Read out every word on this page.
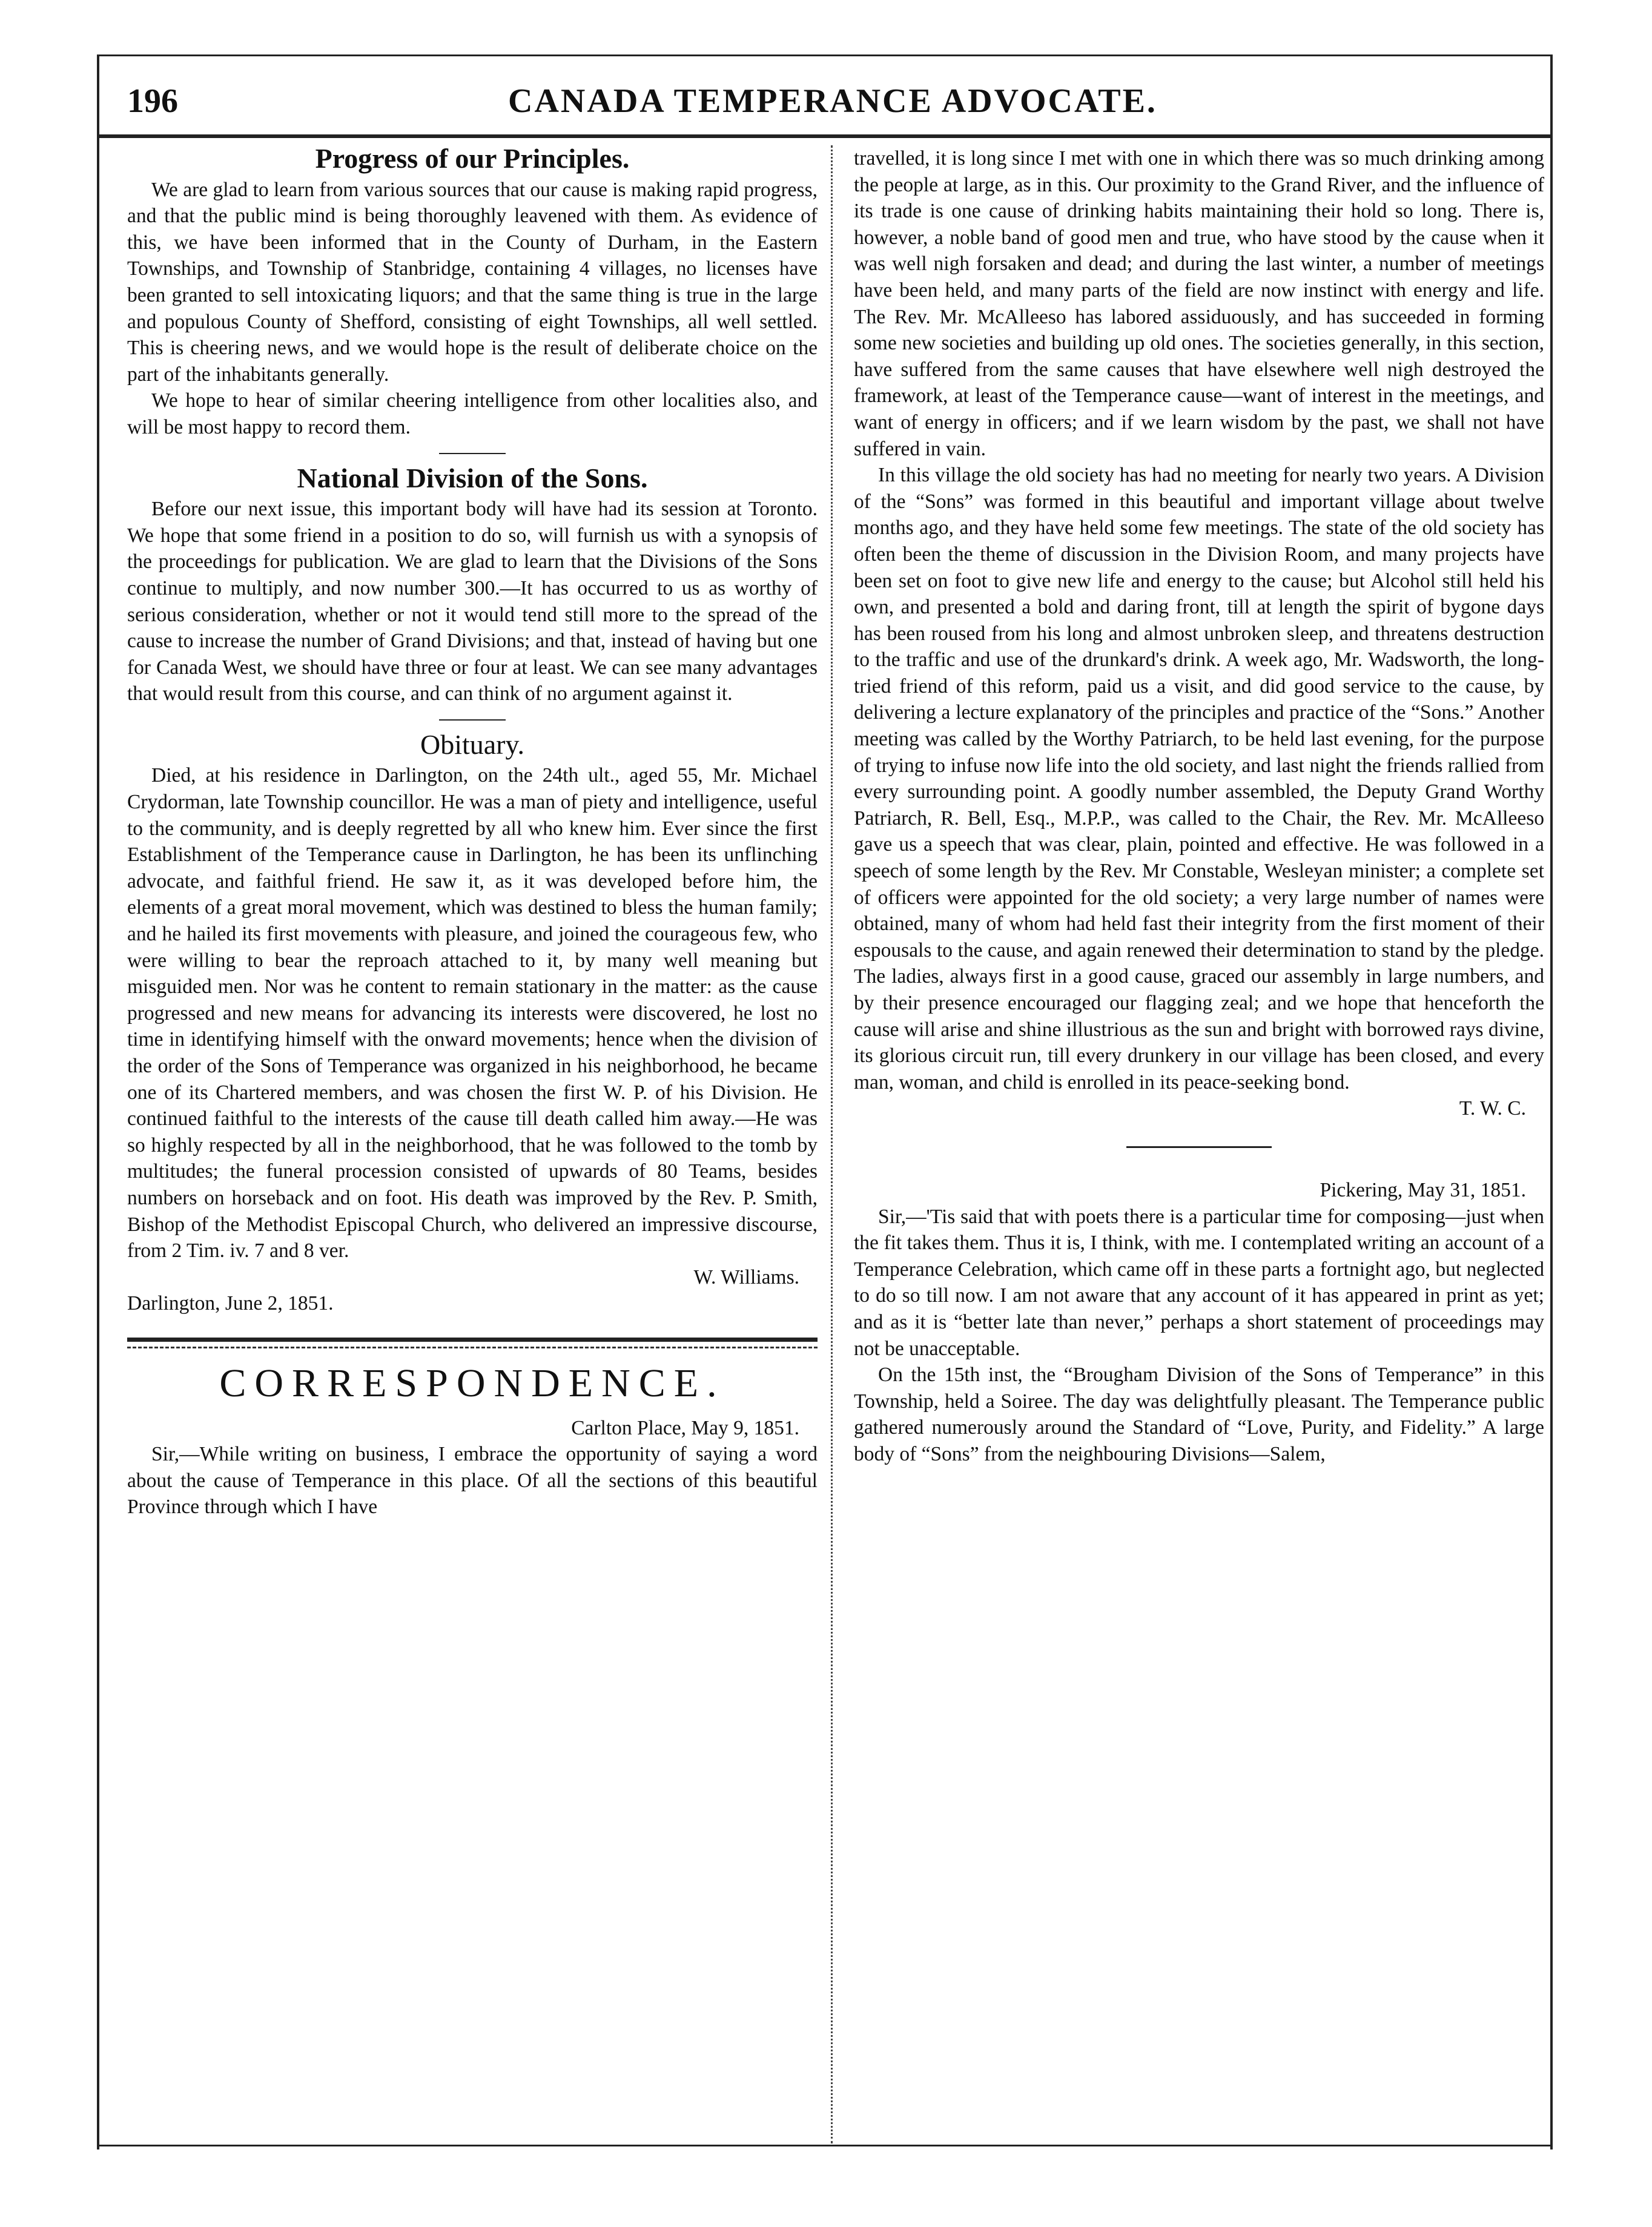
196	CANADA TEMPERANCE ADVOCATE.
Progress of our Principles.

We are glad to learn from various sources that our cause is making rapid progress, and that the public mind is being thoroughly leavened with them. As evidence of this, we have been informed that in the County of Durham, in the Eastern Townships, and Township of Stanbridge, containing 4 villages, no licenses have been granted to sell intoxicating liquors; and that the same thing is true in the large and populous County of Shefford, consisting of eight Townships, all well settled. This is cheering news, and we would hope is the result of deliberate choice on the part of the inhabitants generally.

We hope to hear of similar cheering intelligence from other localities also, and will be most happy to record them.

National Division of the Sons.

Before our next issue, this important body will have had its session at Toronto. We hope that some friend in a position to do so, will furnish us with a synopsis of the proceedings for publication. We are glad to learn that the Divisions of the Sons continue to multiply, and now number 300.—It has occurred to us as worthy of serious consideration, whether or not it would tend still more to the spread of the cause to increase the number of Grand Divisions; and that, instead of having but one for Canada West, we should have three or four at least. We can see many advantages that would result from this course, and can think of no argument against it.

Obituary.

Died, at his residence in Darlington, on the 24th ult., aged 55, Mr. Michael Crydorman, late Township councillor. He was a man of piety and intelligence, useful to the community, and is deeply regretted by all who knew him. Ever since the first Establishment of the Temperance cause in Darlington, he has been its unflinching advocate, and faithful friend. He saw it, as it was developed before him, the elements of a great moral movement, which was destined to bless the human family; and he hailed its first movements with pleasure, and joined the courageous few, who were willing to bear the reproach attached to it, by many well meaning but misguided men. Nor was he content to remain stationary in the matter: as the cause progressed and new means for advancing its interests were discovered, he lost no time in identifying himself with the onward movements; hence when the division of the order of the Sons of Temperance was organized in his neighborhood, he became one of its Chartered members, and was chosen the first W. P. of his Division. He continued faithful to the interests of the cause till death called him away.—He was so highly respected by all in the neighborhood, that he was followed to the tomb by multitudes; the funeral procession consisted of upwards of 80 Teams, besides numbers on horseback and on foot. His death was improved by the Rev. P. Smith, Bishop of the Methodist Episcopal Church, who delivered an impressive discourse, from 2 Tim. iv. 7 and 8 ver.

W. Williams.

Darlington, June 2, 1851.

CORRESPONDENCE.

Carlton Place, May 9, 1851.

Sir,—While writing on business, I embrace the opportunity of saying a word about the cause of Temperance in this place. Of all the sections of this beautiful Province through which I have

travelled, it is long since I met with one in which there was so much drinking among the people at large, as in this. Our proximity to the Grand River, and the influence of its trade is one cause of drinking habits maintaining their hold so long. There is, however, a noble band of good men and true, who have stood by the cause when it was well nigh forsaken and dead; and during the last winter, a number of meetings have been held, and many parts of the field are now instinct with energy and life. The Rev. Mr. McAlleeso has labored assiduously, and has succeeded in forming some new societies and building up old ones. The societies generally, in this section, have suffered from the same causes that have elsewhere well nigh destroyed the framework, at least of the Temperance cause—want of interest in the meetings, and want of energy in officers; and if we learn wisdom by the past, we shall not have suffered in vain.

In this village the old society has had no meeting for nearly two years. A Division of the “Sons” was formed in this beautiful and important village about twelve months ago, and they have held some few meetings. The state of the old society has often been the theme of discussion in the Division Room, and many projects have been set on foot to give new life and energy to the cause; but Alcohol still held his own, and presented a bold and daring front, till at length the spirit of bygone days has been roused from his long and almost unbroken sleep, and threatens destruction to the traffic and use of the drunkard's drink. A week ago, Mr. Wadsworth, the long-tried friend of this reform, paid us a visit, and did good service to the cause, by delivering a lecture explanatory of the principles and practice of the “Sons.” Another meeting was called by the Worthy Patriarch, to be held last evening, for the purpose of trying to infuse now life into the old society, and last night the friends rallied from every surrounding point. A goodly number assembled, the Deputy Grand Worthy Patriarch, R. Bell, Esq., M.P.P., was called to the Chair, the Rev. Mr. McAlleeso gave us a speech that was clear, plain, pointed and effective. He was followed in a speech of some length by the Rev. Mr Constable, Wesleyan minister; a complete set of officers were appointed for the old society; a very large number of names were obtained, many of whom had held fast their integrity from the first moment of their espousals to the cause, and again renewed their determination to stand by the pledge. The ladies, always first in a good cause, graced our assembly in large numbers, and by their presence encouraged our flagging zeal; and we hope that henceforth the cause will arise and shine illustrious as the sun and bright with borrowed rays divine, its glorious circuit run, till every drunkery in our village has been closed, and every man, woman, and child is enrolled in its peace-seeking bond.

T. W. C.

Pickering, May 31, 1851.

Sir,—'Tis said that with poets there is a particular time for composing—just when the fit takes them. Thus it is, I think, with me. I contemplated writing an account of a Temperance Celebration, which came off in these parts a fortnight ago, but neglected to do so till now. I am not aware that any account of it has appeared in print as yet; and as it is “better late than never,” perhaps a short statement of proceedings may not be unacceptable.

On the 15th inst, the “Brougham Division of the Sons of Temperance” in this Township, held a Soiree. The day was delightfully pleasant. The Temperance public gathered numerously around the Standard of “Love, Purity, and Fidelity.” A large body of “Sons” from the neighbouring Divisions—Salem,
